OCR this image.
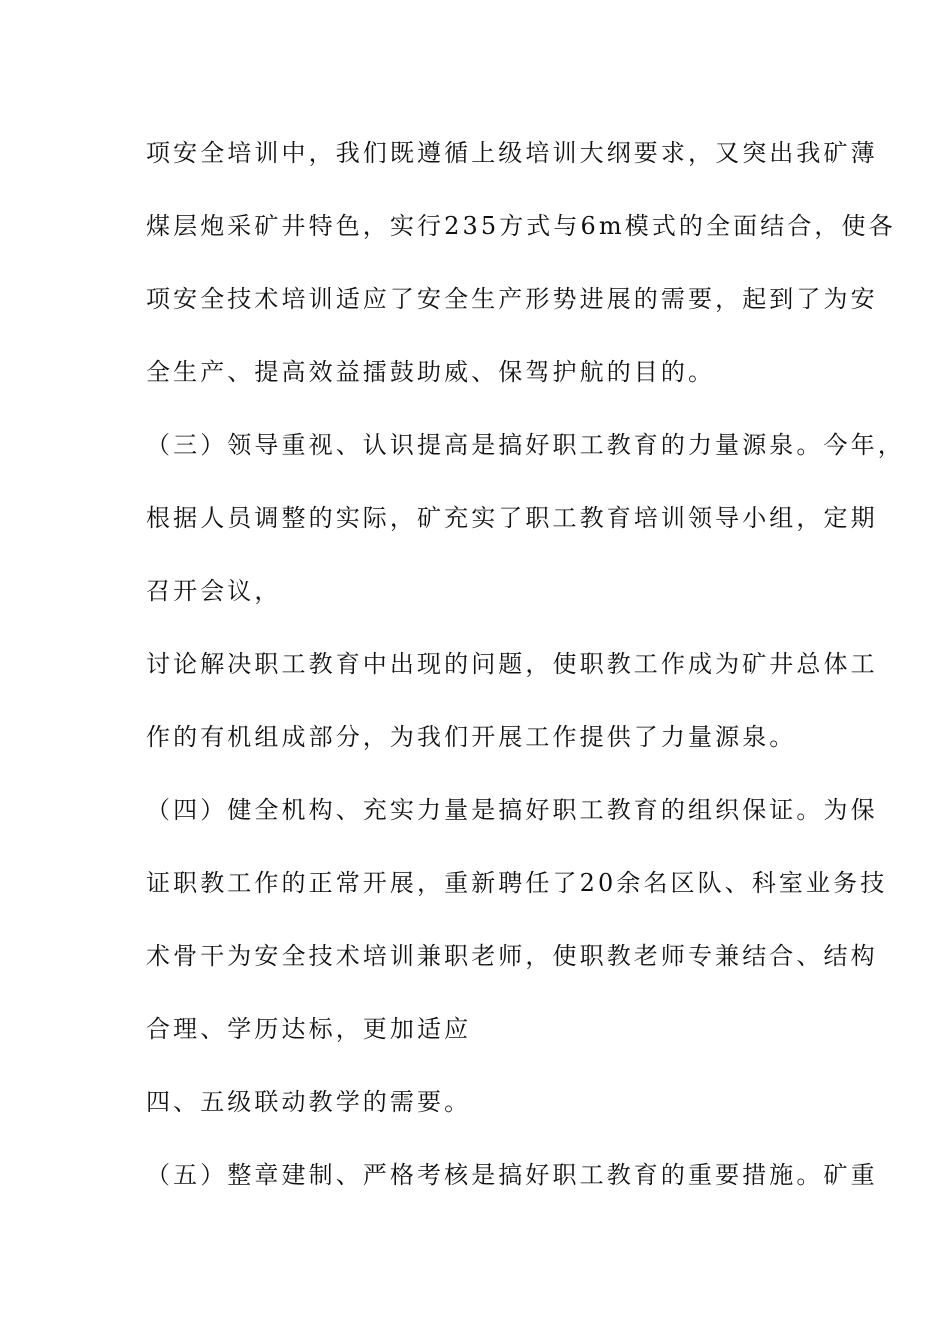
项安全培训中，我们既遵循上级培训大纲要求，又突出我矿薄
煤层炮采矿井特色，实行235方式与6m模式的全面结合，使各
项安全技术培训适应了安全生产形势进展的需要，起到了为安
全生产、提高效益擂鼓助威、保驾护航的目的。
（三）领导重视、认识提高是搞好职工教育的力量源泉。今年，
根据人员调整的实际，矿充实了职工教育培训领导小组，定期
召开会议，
讨论解决职工教育中出现的问题，使职教工作成为矿井总体工
作的有机组成部分，为我们开展工作提供了力量源泉。
（四）健全机构、充实力量是搞好职工教育的组织保证。为保
证职教工作的正常开展，重新聘任了20余名区队、科室业务技
术骨干为安全技术培训兼职老师，使职教老师专兼结合、结构
合理、学历达标，更加适应
四、五级联动教学的需要。
（五）整章建制、严格考核是搞好职工教育的重要措施。矿重
